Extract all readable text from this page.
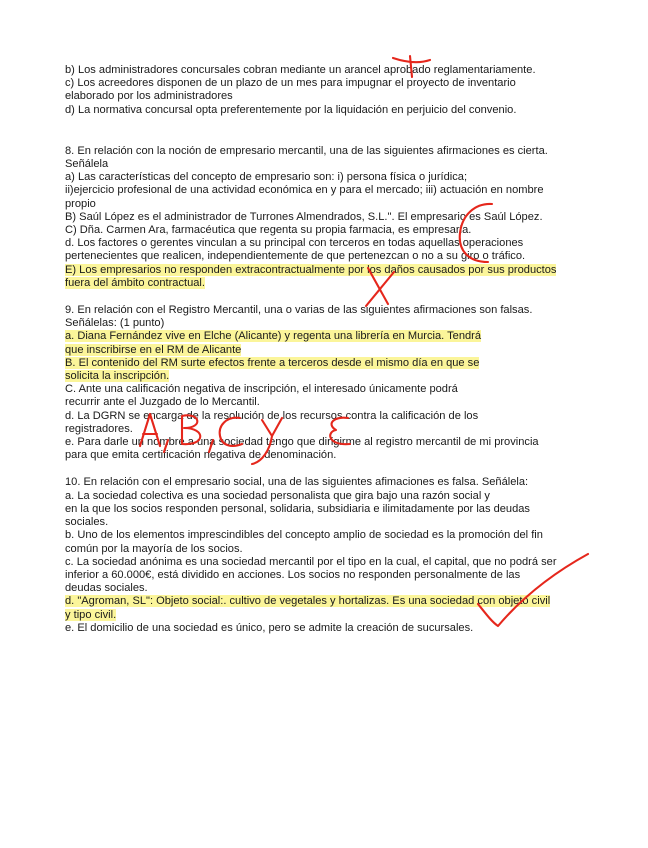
b) Los administradores concursales cobran mediante un arancel aprobado reglamentariamente.
c) Los acreedores disponen de un plazo de un mes para impugnar el proyecto de inventario
elaborado por los administradores
d) La normativa concursal opta preferentemente por la liquidación en perjuicio del convenio.
8. En relación con la noción de empresario mercantil, una de las siguientes afirmaciones es cierta.
Señálela
a) Las características del concepto de empresario son: i) persona física o jurídica;
ii)ejercicio profesional de una actividad económica en y para el mercado; iii) actuación en nombre
propio
B) Saúl López es el administrador de Turrones Almendrados, S.L.". El empresario es Saúl López.
C) Dña. Carmen Ara, farmacéutica que regenta su propia farmacia, es empresaria.
d. Los factores o gerentes vinculan a su principal con terceros en todas aquellas operaciones
pertenecientes que realicen, independientemente de que pertenezcan o no a su giro o tráfico.
E) Los empresarios no responden extracontractualmente por los daños causados por sus productos
fuera del ámbito contractual.
9. En relación con el Registro Mercantil, una o varias de las siguientes afirmaciones son falsas.
Señálelas: (1 punto)
a. Diana Fernández vive en Elche (Alicante) y regenta una librería en Murcia. Tendrá
que inscribirse en el RM de Alicante
B. El contenido del RM surte efectos frente a terceros desde el mismo día en que se
solicita la inscripción.
C. Ante una calificación negativa de inscripción, el interesado únicamente podrá
recurrir ante el Juzgado de lo Mercantil.
d. La DGRN se encarga de la resolución de los recursos contra la calificación de los
registradores.
e. Para darle un nombre a una sociedad tengo que dirigirme al registro mercantil de mi provincia
para que emita certificación negativa de denominación.
10. En relación con el empresario social, una de las siguientes afimaciones es falsa. Señálela:
a. La sociedad colectiva es una sociedad personalista que gira bajo una razón social y
en la que los socios responden personal, solidaria, subsidiaria e ilimitadamente por las deudas
sociales.
b. Uno de los elementos imprescindibles del concepto amplio de sociedad es la promoción del fin
común por la mayoría de los socios.
c. La sociedad anónima es una sociedad mercantil por el tipo en la cual, el capital, que no podrá ser
inferior a 60.000€, está dividido en acciones. Los socios no responden personalmente de las
deudas sociales.
d. "Agroman, SL": Objeto social:. cultivo de vegetales y hortalizas. Es una sociedad con objeto civil
y tipo civil.
e. El domicilio de una sociedad es único, pero se admite la creación de sucursales.
